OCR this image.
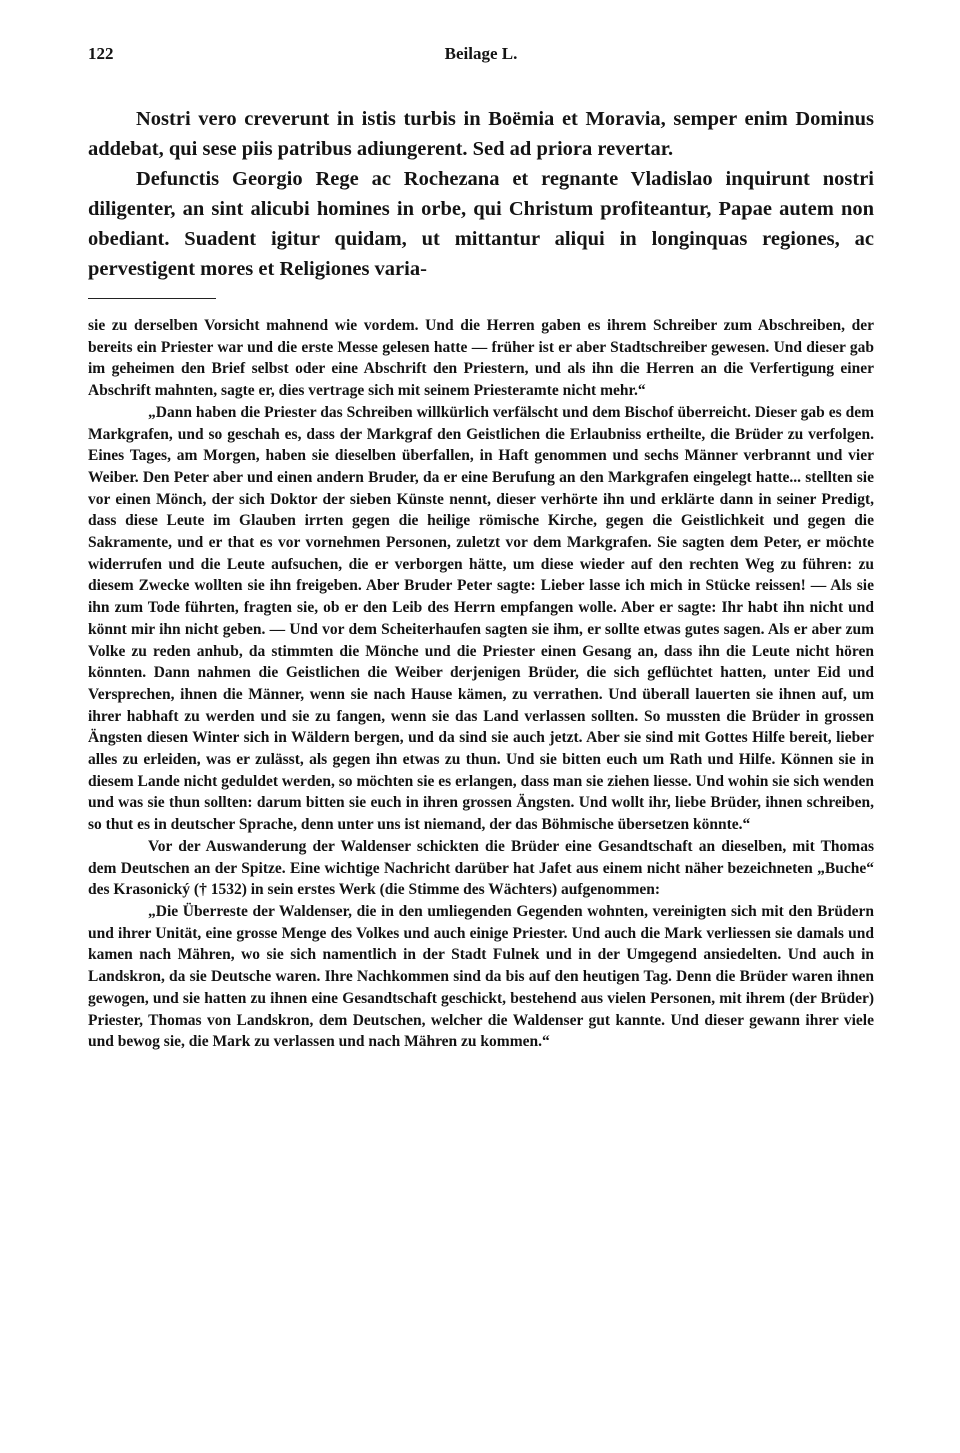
122	Beilage L.

Nostri vero creverunt in istis turbis in Boëmia et Moravia, semper enim Dominus addebat, qui sese piis patribus adiungerent. Sed ad priora revertar.

Defunctis Georgio Rege ac Rochezana et regnante Vladislao inquirunt nostri diligenter, an sint alicubi homines in orbe, qui Christum profiteantur, Papae autem non obediant. Suadent igitur quidam, ut mittantur aliqui in longinquas regiones, ac pervestigent mores et Religiones varia-

sie zu derselben Vorsicht mahnend wie vordem. Und die Herren gaben es ihrem Schreiber zum Abschreiben, der bereits ein Priester war und die erste Messe gelesen hatte — früher ist er aber Stadtschreiber gewesen. Und dieser gab im geheimen den Brief selbst oder eine Abschrift den Priestern, und als ihn die Herren an die Verfertigung einer Abschrift mahnten, sagte er, dies vertrage sich mit seinem Priesteramte nicht mehr.“

„Dann haben die Priester das Schreiben willkürlich verfälscht und dem Bischof überreicht. Dieser gab es dem Markgrafen, und so geschah es, dass der Markgraf den Geistlichen die Erlaubniss ertheilte, die Brüder zu verfolgen. Eines Tages, am Morgen, haben sie dieselben überfallen, in Haft genommen und sechs Männer verbrannt und vier Weiber. Den Peter aber und einen andern Bruder, da er eine Berufung an den Markgrafen eingelegt hatte... stellten sie vor einen Mönch, der sich Doktor der sieben Künste nennt, dieser verhörte ihn und erklärte dann in seiner Predigt, dass diese Leute im Glauben irrten gegen die heilige römische Kirche, gegen die Geistlichkeit und gegen die Sakramente, und er that es vor vornehmen Personen, zuletzt vor dem Markgrafen. Sie sagten dem Peter, er möchte widerrufen und die Leute aufsuchen, die er verborgen hätte, um diese wieder auf den rechten Weg zu führen: zu diesem Zwecke wollten sie ihn freigeben. Aber Bruder Peter sagte: Lieber lasse ich mich in Stücke reissen! — Als sie ihn zum Tode führten, fragten sie, ob er den Leib des Herrn empfangen wolle. Aber er sagte: Ihr habt ihn nicht und könnt mir ihn nicht geben. — Und vor dem Scheiterhaufen sagten sie ihm, er sollte etwas gutes sagen. Als er aber zum Volke zu reden anhub, da stimmten die Mönche und die Priester einen Gesang an, dass ihn die Leute nicht hören könnten. Dann nahmen die Geistlichen die Weiber derjenigen Brüder, die sich geflüchtet hatten, unter Eid und Versprechen, ihnen die Männer, wenn sie nach Hause kämen, zu verrathen. Und überall lauerten sie ihnen auf, um ihrer habhaft zu werden und sie zu fangen, wenn sie das Land verlassen sollten. So mussten die Brüder in grossen Ängsten diesen Winter sich in Wäldern bergen, und da sind sie auch jetzt. Aber sie sind mit Gottes Hilfe bereit, lieber alles zu erleiden, was er zulässt, als gegen ihn etwas zu thun. Und sie bitten euch um Rath und Hilfe. Können sie in diesem Lande nicht geduldet werden, so möchten sie es erlangen, dass man sie ziehen liesse. Und wohin sie sich wenden und was sie thun sollten: darum bitten sie euch in ihren grossen Ängsten. Und wollt ihr, liebe Brüder, ihnen schreiben, so thut es in deutscher Sprache, denn unter uns ist niemand, der das Böhmische übersetzen könnte.“

Vor der Auswanderung der Waldenser schickten die Brüder eine Gesandtschaft an dieselben, mit Thomas dem Deutschen an der Spitze. Eine wichtige Nachricht darüber hat Jafet aus einem nicht näher bezeichneten „Buche“ des Krasonický († 1532) in sein erstes Werk (die Stimme des Wächters) aufgenommen:

„Die Überreste der Waldenser, die in den umliegenden Gegenden wohnten, vereinigten sich mit den Brüdern und ihrer Unität, eine grosse Menge des Volkes und auch einige Priester. Und auch die Mark verliessen sie damals und kamen nach Mähren, wo sie sich namentlich in der Stadt Fulnek und in der Umgegend ansiedelten. Und auch in Landskron, da sie Deutsche waren. Ihre Nachkommen sind da bis auf den heutigen Tag. Denn die Brüder waren ihnen gewogen, und sie hatten zu ihnen eine Gesandtschaft geschickt, bestehend aus vielen Personen, mit ihrem (der Brüder) Priester, Thomas von Landskron, dem Deutschen, welcher die Waldenser gut kannte. Und dieser gewann ihrer viele und bewog sie, die Mark zu verlassen und nach Mähren zu kommen.“
